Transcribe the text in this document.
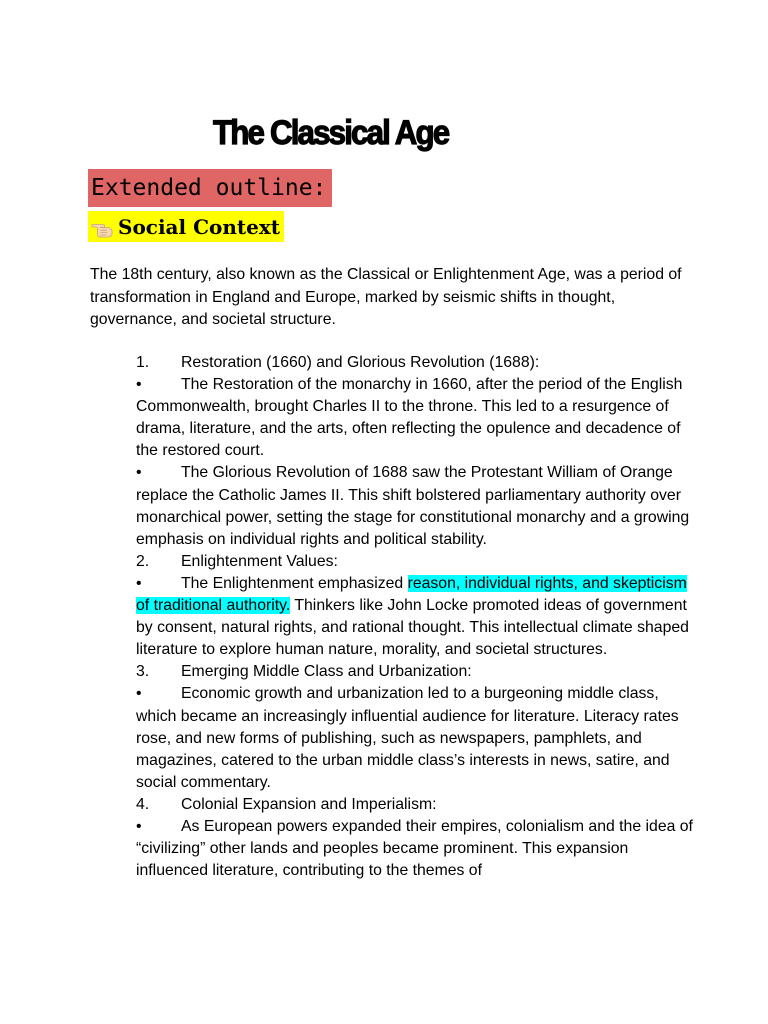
The Classical Age
Extended outline:
Social Context

The 18th century, also known as the Classical or Enlightenment Age, was a period of transformation in England and Europe, marked by seismic shifts in thought, governance, and societal structure.

1. Restoration (1660) and Glorious Revolution (1688):

• The Restoration of the monarchy in 1660, after the period of the English Commonwealth, brought Charles II to the throne. This led to a resurgence of drama, literature, and the arts, often reflecting the opulence and decadence of the restored court.

• The Glorious Revolution of 1688 saw the Protestant William of Orange replace the Catholic James II. This shift bolstered parliamentary authority over monarchical power, setting the stage for constitutional monarchy and a growing emphasis on individual rights and political stability.

2. Enlightenment Values:

• The Enlightenment emphasized reason, individual rights, and skepticism of traditional authority. Thinkers like John Locke promoted ideas of government by consent, natural rights, and rational thought. This intellectual climate shaped literature to explore human nature, morality, and societal structures.

3. Emerging Middle Class and Urbanization:

• Economic growth and urbanization led to a burgeoning middle class, which became an increasingly influential audience for literature. Literacy rates rose, and new forms of publishing, such as newspapers, pamphlets, and magazines, catered to the urban middle class’s interests in news, satire, and social commentary.

4. Colonial Expansion and Imperialism:

• As European powers expanded their empires, colonialism and the idea of “civilizing” other lands and peoples became prominent. This expansion influenced literature, contributing to the themes of
